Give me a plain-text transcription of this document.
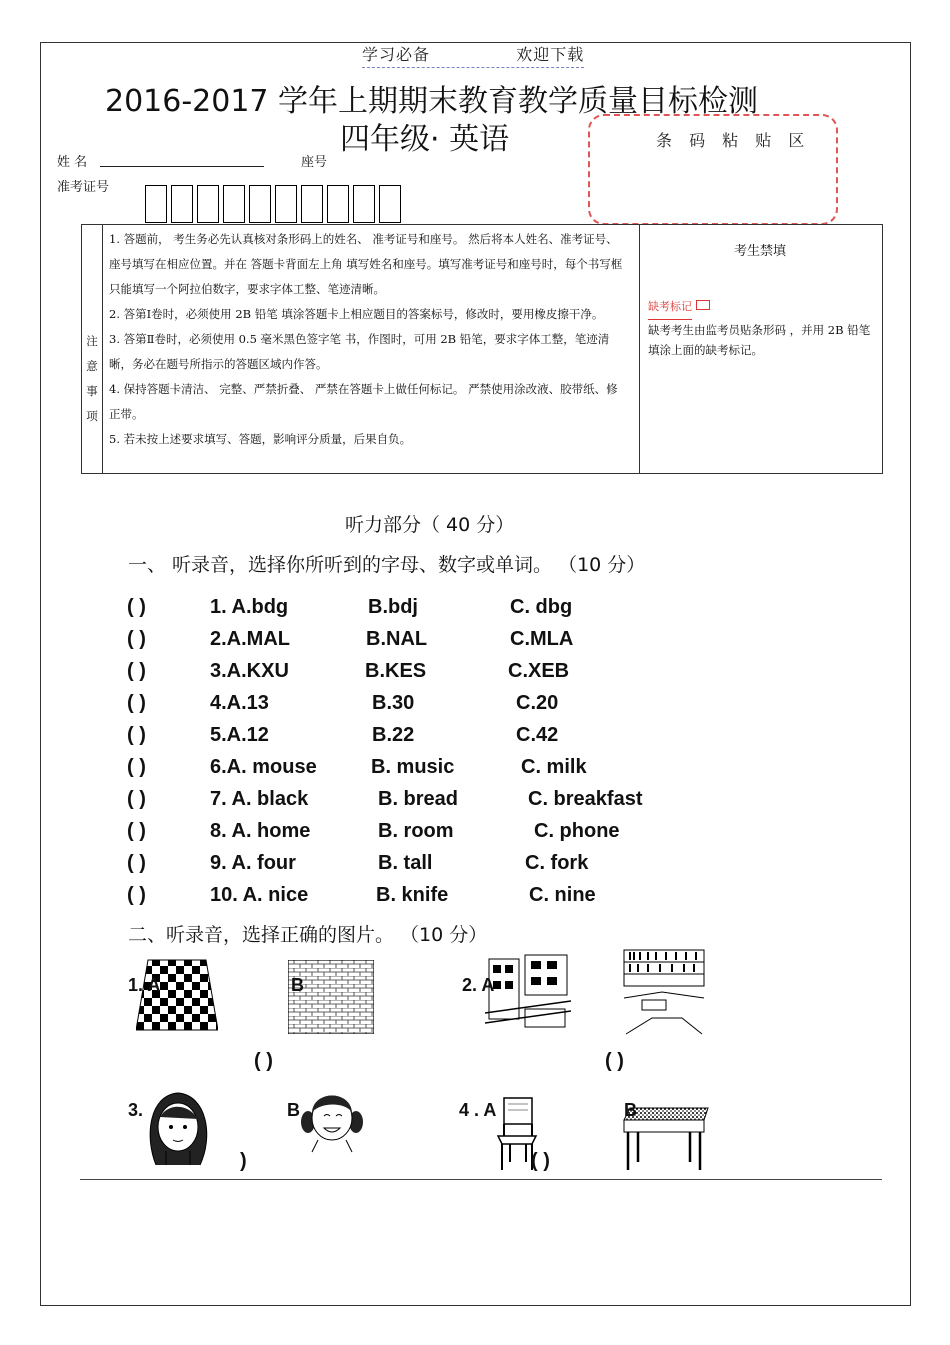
学习必备	欢迎下载
2016-2017 学年上期期末教育教学质量目标检测
四年级· 英语	条 码 粘 贴 区
姓 名	座号
准考证号
注意事项	
1. 答题前， 考生务必先认真核对条形码上的姓名、 准考证号和座号。 然后将本人姓名、准考证号、座号填写在相应位置。并在 答题卡背面左上角 填写姓名和座号。填写准考证号和座号时，每个书写框只能填写一个阿拉伯数字，要求字体工整、笔迹清晰。
2. 答第Ⅰ卷时，必须使用 2B 铅笔 填涂答题卡上相应题目的答案标号，修改时，要用橡皮擦干净。
3. 答第Ⅱ卷时，必须使用 0.5 毫米黑色签字笔 书，作图时，可用 2B 铅笔，要求字体工整，笔迹清晰，务必在题号所指示的答题区域内作答。
4. 保持答题卡清洁、 完整、严禁折叠、 严禁在答题卡上做任何标记。 严禁使用涂改液、胶带纸、修正带。
5. 若未按上述要求填写、答题，影响评分质量，后果自负。

考生禁填
缺考标记
缺考考生由监考员贴条形码 ，并用 2B 铅笔填涂上面的缺考标记。
听力部分（ 40 分）
一、 听录音，选择你所听到的字母、数字或单词。 （10 分）
( )	1. A.bdg	B.bdj	C. dbg
( )	2.A.MAL	B.NAL	C.MLA
( )	3.A.KXU	B.KES	C.XEB
( )	4.A.13	B.30	C.20
( )	5.A.12	B.22	C.42
( )	6.A. mouse	B. music	C. milk
( )	7. A. black	B. bread	C. breakfast
( )	8. A. home	B. room	C. phone
( )	9. A. four	B. tall	C. fork
( )	10. A. nice	B. knife	C. nine
二、听录音，选择正确的图片。 （10 分）
1. A	B	2. A
( )	( )
3.	B
)
4 . A	B
( )
